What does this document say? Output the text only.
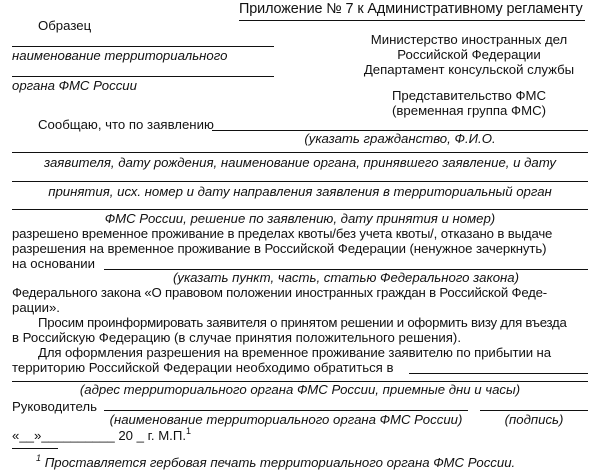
Приложение № 7 к Административному регламенту
Образец
наименование территориального
органа ФМС России
Министерство иностранных дел
Российской Федерации
Департамент консульской службы
Представительство ФМС
(временная группа ФМС)
Сообщаю, что по заявлению
(указать гражданство, Ф.И.О.
заявителя, дату рождения, наименование органа, принявшего заявление, и дату
принятия, исх. номер и дату направления заявления в территориальный орган
ФМС России, решение по заявлению, дату принятия и номер)
разрешено временное проживание в пределах квоты/без учета квоты/, отказано в выдаче
разрешения на временное проживание в Российской Федерации (ненужное зачеркнуть)
на основании
(указать пункт, часть, статью Федерального закона)
Федерального закона «О правовом положении иностранных граждан в Российской Феде-
рации».
Просим проинформировать заявителя о принятом решении и оформить визу для въезда
в Российскую Федерацию (в случае принятия положительного решения).
Для оформления разрешения на временное проживание заявителю по прибытии на
территорию Российской Федерации необходимо обратиться в
(адрес территориального органа ФМС России, приемные дни и часы)
Руководитель
(наименование территориального органа ФМС России)	(подпись)
«__»__________ 20 _ г. М.П.$^1$
$^1$ Проставляется гербовая печать территориального органа ФМС России.
